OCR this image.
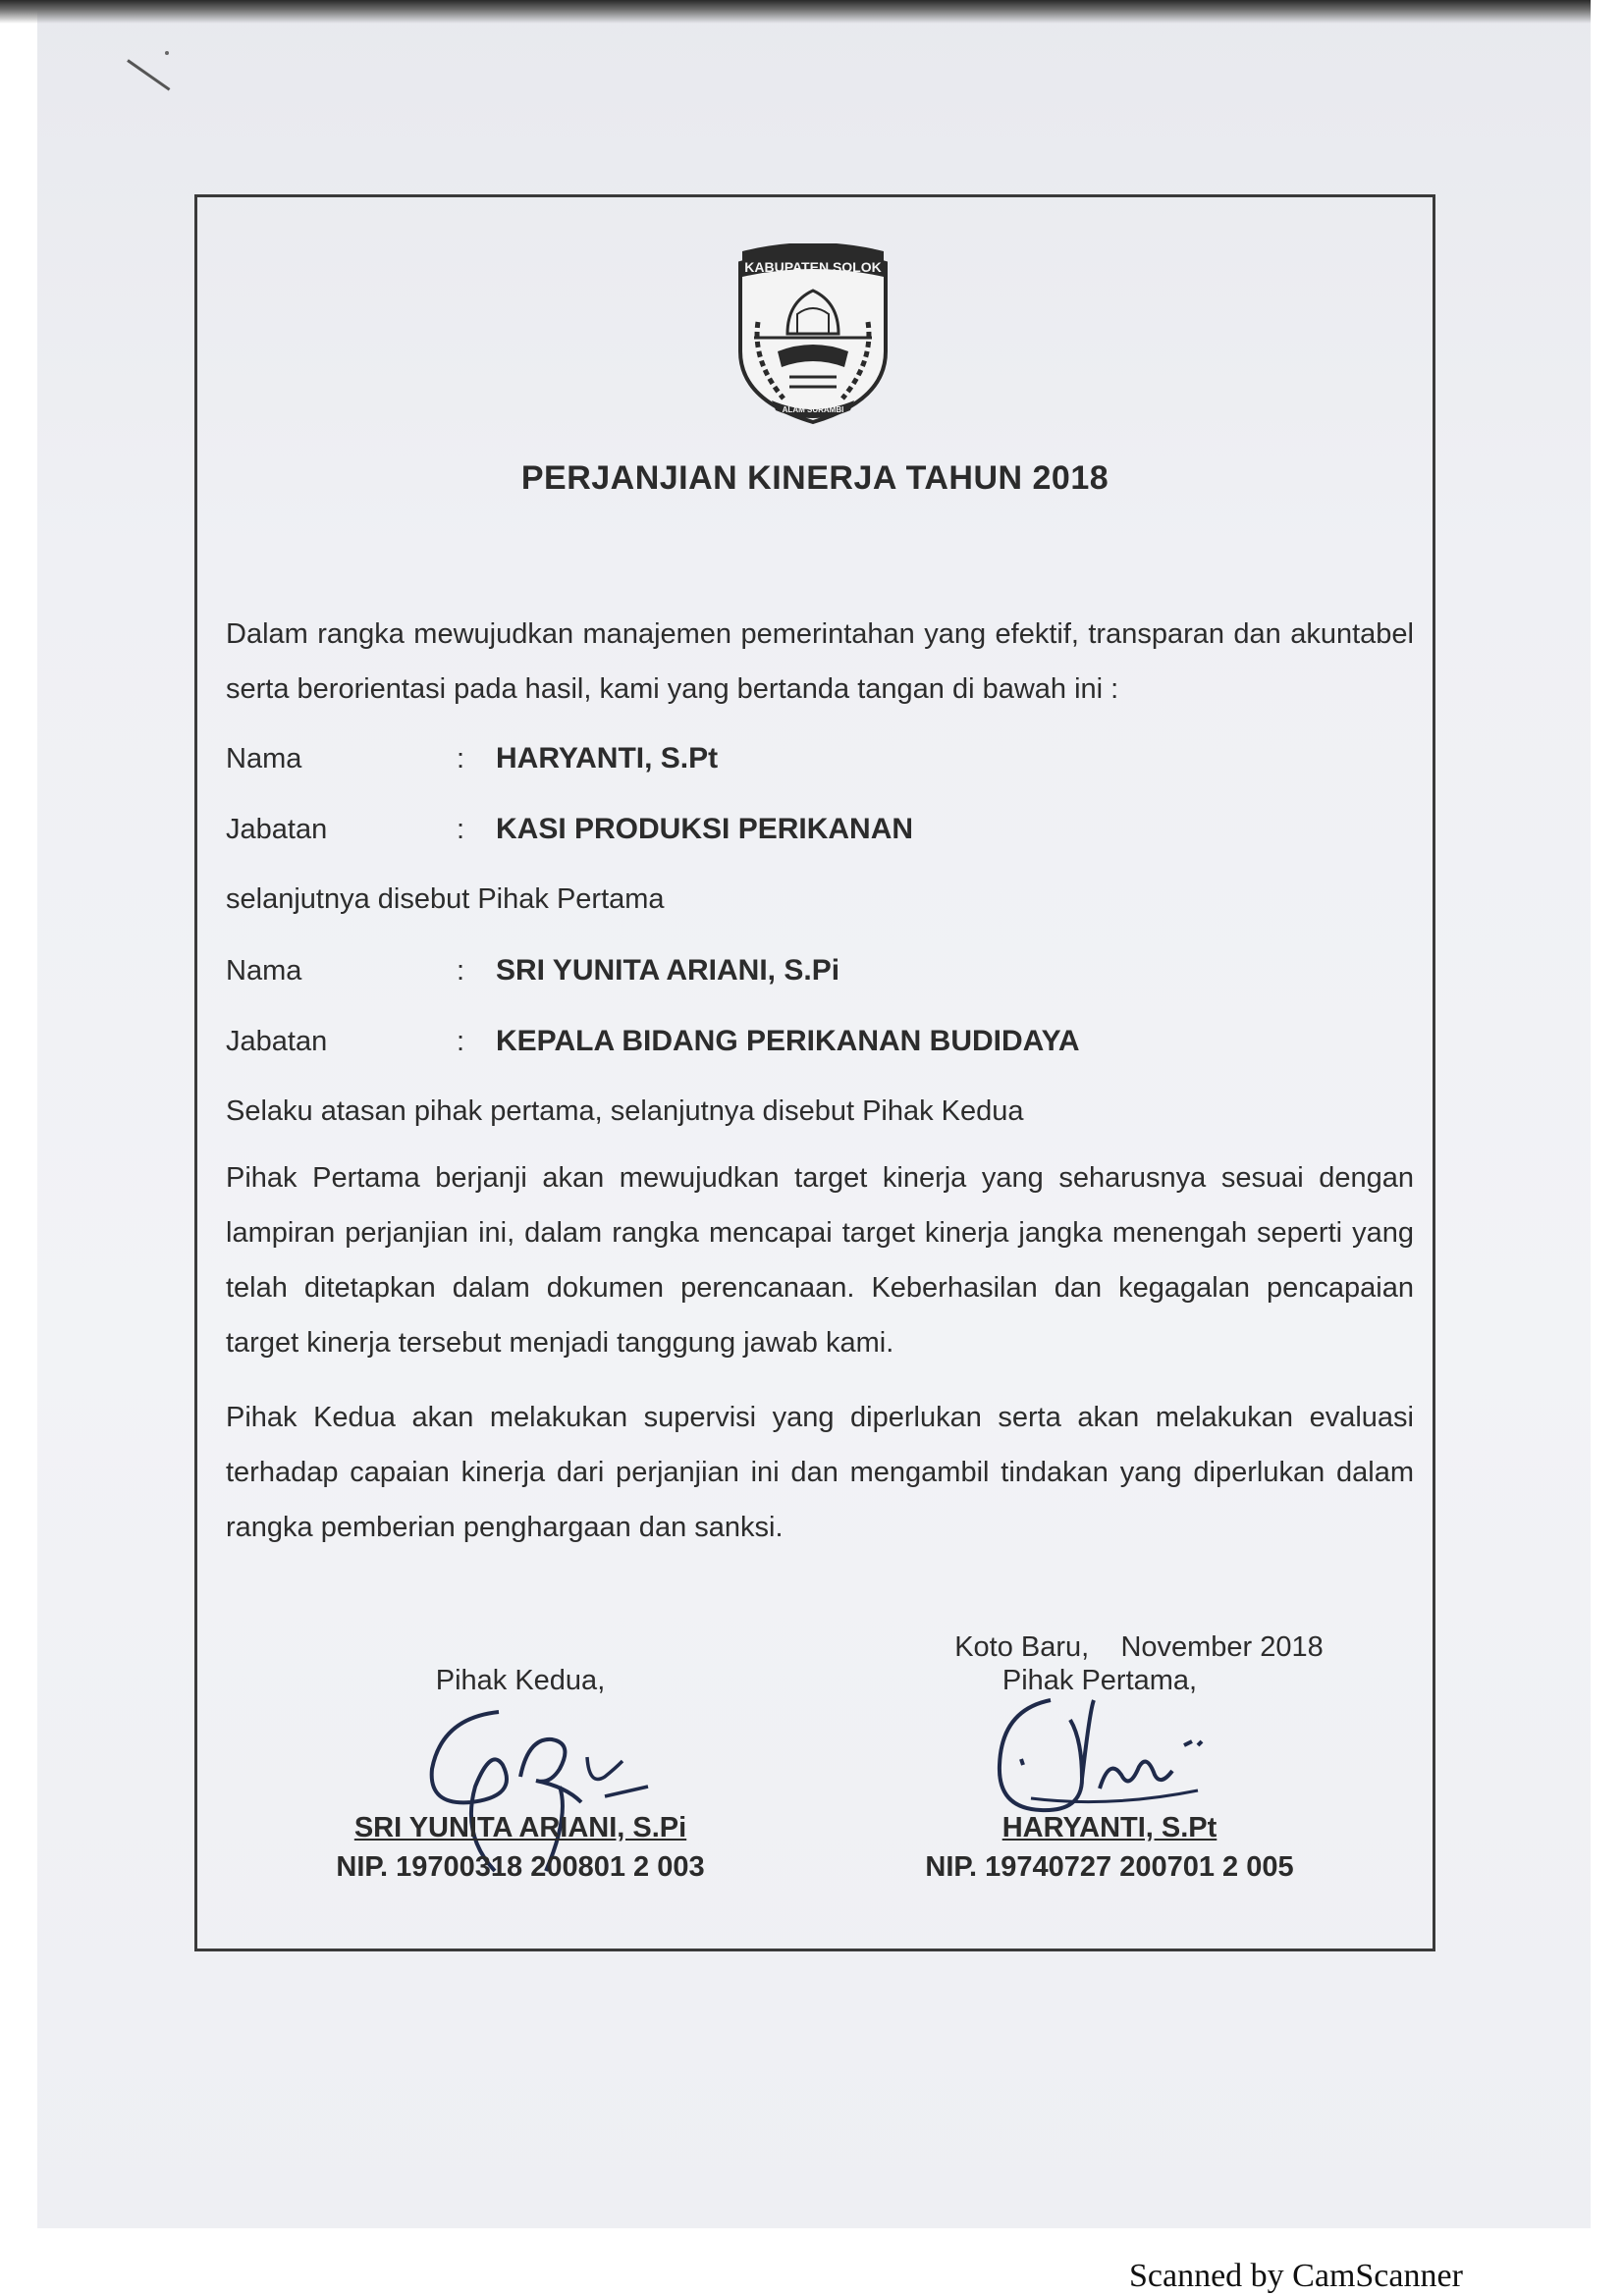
KABUPATEN SOLOK
ALAM SURAMBI
PERJANJIAN KINERJA TAHUN 2018
Dalam rangka mewujudkan manajemen pemerintahan yang efektif, transparan dan akuntabel serta berorientasi pada hasil, kami yang bertanda tangan di bawah ini :
Nama	: HARYANTI, S.Pt
Jabatan	: KASI PRODUKSI PERIKANAN
selanjutnya disebut Pihak Pertama
Nama	: SRI YUNITA ARIANI, S.Pi
Jabatan	: KEPALA BIDANG PERIKANAN BUDIDAYA
Selaku atasan pihak pertama, selanjutnya disebut Pihak Kedua
Pihak Pertama berjanji akan mewujudkan target kinerja yang seharusnya sesuai dengan lampiran perjanjian ini, dalam rangka mencapai target kinerja jangka menengah seperti yang telah ditetapkan dalam dokumen perencanaan. Keberhasilan dan kegagalan pencapaian target kinerja tersebut menjadi tanggung jawab kami.
Pihak Kedua akan melakukan supervisi yang diperlukan serta akan melakukan evaluasi terhadap capaian kinerja dari perjanjian ini dan mengambil tindakan yang diperlukan dalam rangka pemberian penghargaan dan sanksi.
Koto Baru,    November 2018
Pihak Kedua,	Pihak Pertama,
SRI YUNITA ARIANI, S.Pi
NIP. 19700318 200801 2 003
HARYANTI, S.Pt
NIP. 19740727 200701 2 005
Scanned by CamScanner
